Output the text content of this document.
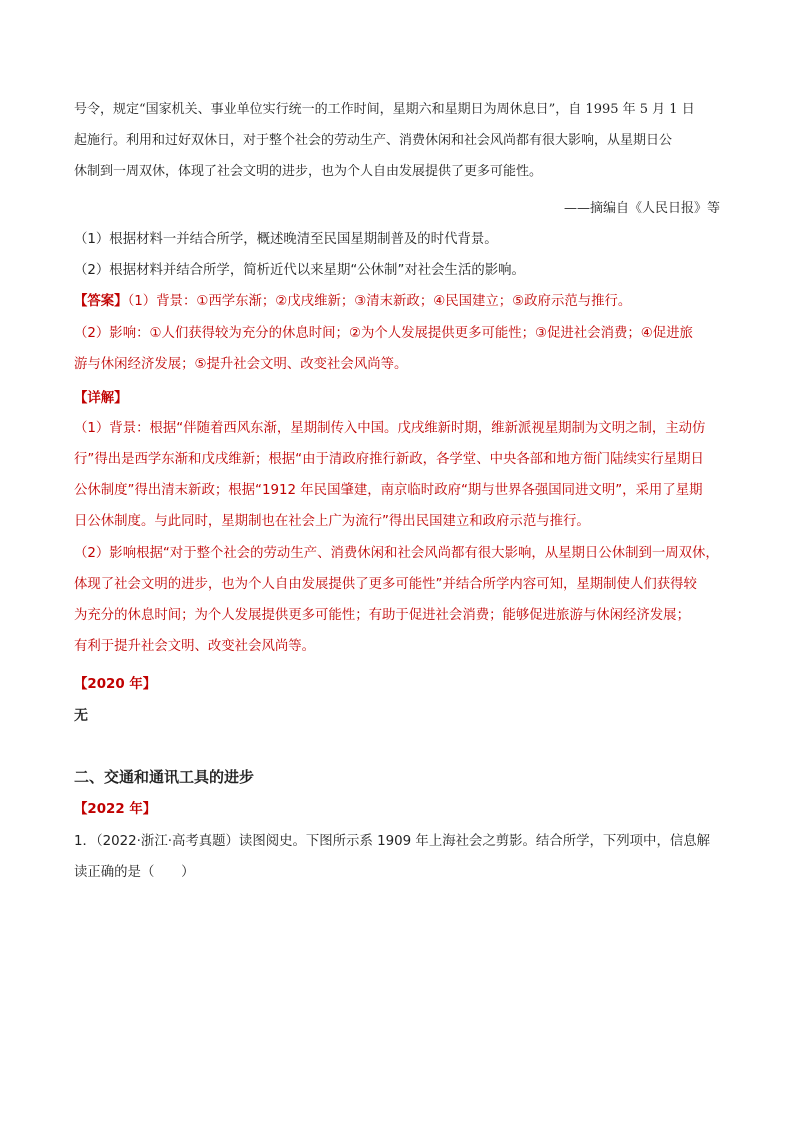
号令，规定“国家机关、事业单位实行统一的工作时间，星期六和星期日为周休息日”，自 1995 年 5 月 1 日
起施行。利用和过好双休日，对于整个社会的劳动生产、消费休闲和社会风尚都有很大影响，从星期日公
休制到一周双休，体现了社会文明的进步，也为个人自由发展提供了更多可能性。
——摘编自《人民日报》等
（1）根据材料一并结合所学，概述晚清至民国星期制普及的时代背景。
（2）根据材料并结合所学，简析近代以来星期“公休制”对社会生活的影响。
【答案】（1）背景：①西学东渐；②戊戌维新；③清末新政；④民国建立；⑤政府示范与推行。
（2）影响：①人们获得较为充分的休息时间；②为个人发展提供更多可能性；③促进社会消费；④促进旅
游与休闲经济发展；⑤提升社会文明、改变社会风尚等。
【详解】
（1）背景：根据“伴随着西风东渐，星期制传入中国。戊戌维新时期，维新派视星期制为文明之制，主动仿
行”得出是西学东渐和戊戌维新；根据“由于清政府推行新政，各学堂、中央各部和地方衙门陆续实行星期日
公休制度”得出清末新政；根据“1912 年民国肇建，南京临时政府“期与世界各强国同进文明”，采用了星期
日公休制度。与此同时，星期制也在社会上广为流行”得出民国建立和政府示范与推行。
（2）影响根据“对于整个社会的劳动生产、消费休闲和社会风尚都有很大影响，从星期日公休制到一周双休，
体现了社会文明的进步，也为个人自由发展提供了更多可能性”并结合所学内容可知，星期制使人们获得较
为充分的休息时间；为个人发展提供更多可能性；有助于促进社会消费；能够促进旅游与休闲经济发展；
有利于提升社会文明、改变社会风尚等。
【2020 年】
无
二、交通和通讯工具的进步
【2022 年】
1．（2022·浙江·高考真题）读图阅史。下图所示系 1909 年上海社会之剪影。结合所学，下列项中，信息解
读正确的是（　　）
